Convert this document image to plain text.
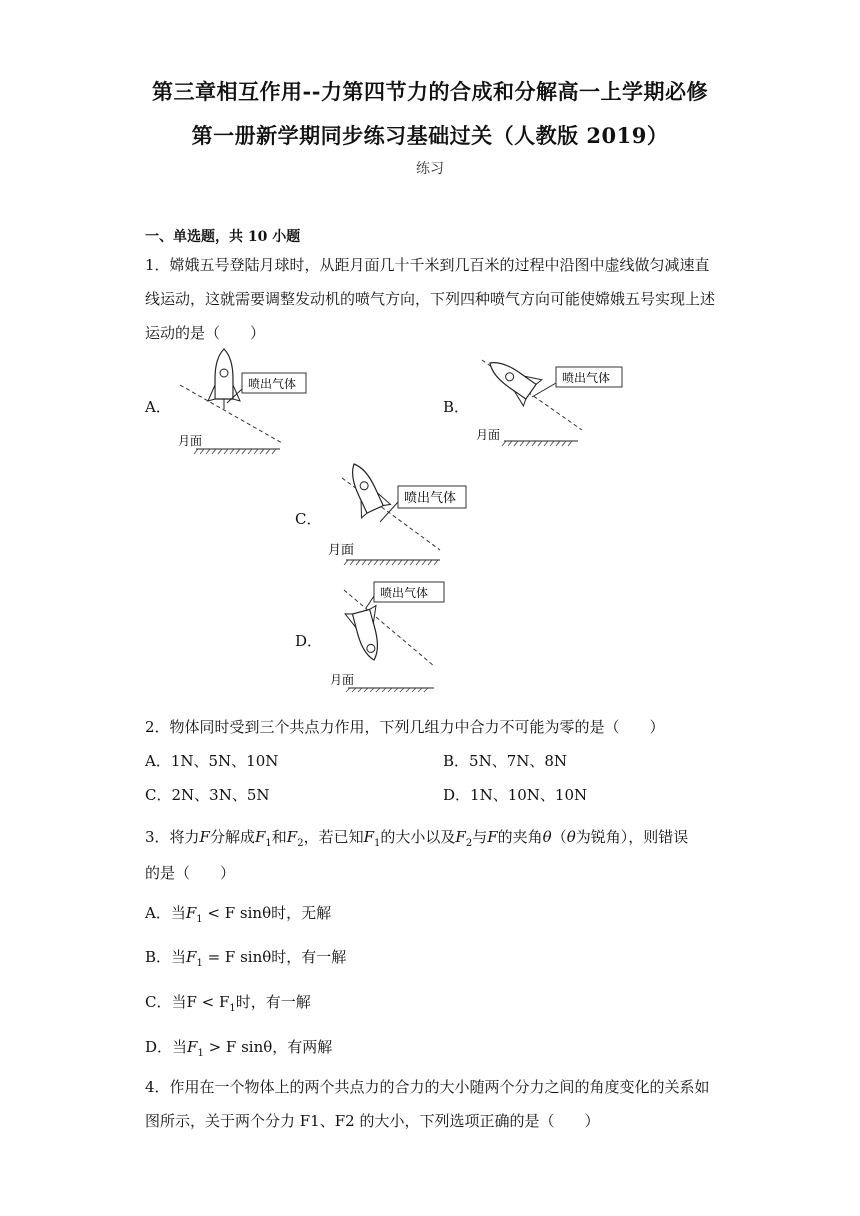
第三章相互作用--力第四节力的合成和分解高一上学期必修
第一册新学期同步练习基础过关（人教版 2019）
练习
一、单选题，共 10 小题
1．嫦娥五号登陆月球时，从距月面几十千米到几百米的过程中沿图中虚线做匀减速直
线运动，这就需要调整发动机的喷气方向，下列四种喷气方向可能使嫦娥五号实现上述
运动的是（　　）
A．
喷出气体
月面
B．
喷出气体
月面
C．
喷出气体
月面
D．
喷出气体
月面
2．物体同时受到三个共点力作用，下列几组力中合力不可能为零的是（　　）
A．1N、5N、10N	B．5N、7N、8N
C．2N、3N、5N	D．1N、10N、10N
3．将力F分解成$F_1$和$F_2$，若已知$F_1$的大小以及$F_2$与F的夹角θ（θ为锐角），则错误
的是（　　）
A．当$F_1 < F$ sinθ时，无解
B．当$F_1 = F$ sinθ时，有一解
C．当$F < F_1$时，有一解
D．当$F_1 > F$ sinθ，有两解
4．作用在一个物体上的两个共点力的合力的大小随两个分力之间的角度变化的关系如
图所示，关于两个分力 F1、F2 的大小，下列选项正确的是（　　）
